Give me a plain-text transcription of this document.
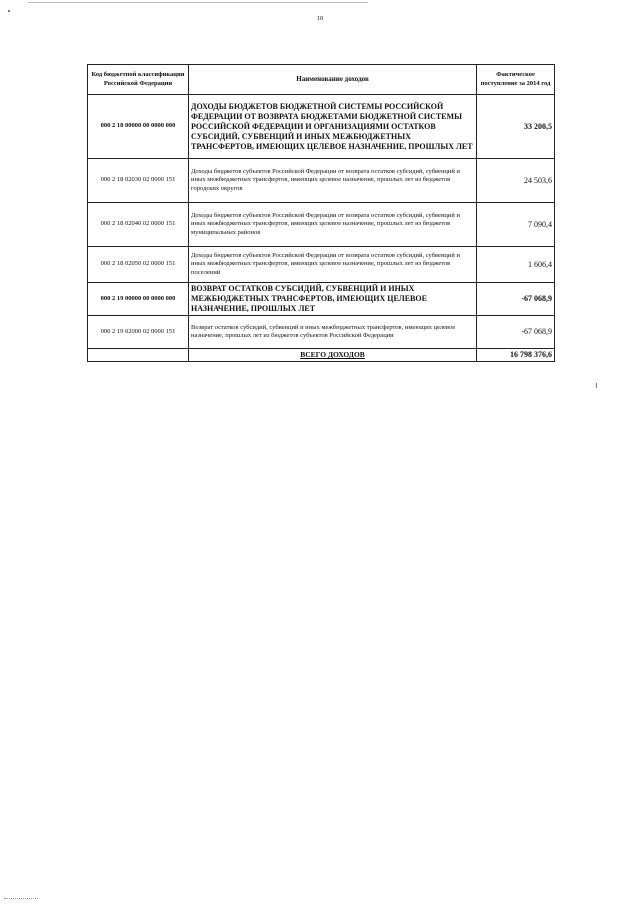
10
Код бюджетной классификации Российской Федерации	Наименование доходов	Фактическое поступление за 2014 год
000 2 18 00000 00 0000 000	ДОХОДЫ БЮДЖЕТОВ БЮДЖЕТНОЙ СИСТЕМЫ РОССИЙСКОЙ ФЕДЕРАЦИИ ОТ ВОЗВРАТА БЮДЖЕТАМИ БЮДЖЕТНОЙ СИСТЕМЫ РОССИЙСКОЙ ФЕДЕРАЦИИ И ОРГАНИЗАЦИЯМИ ОСТАТКОВ СУБСИДИЙ, СУБВЕНЦИЙ И ИНЫХ МЕЖБЮДЖЕТНЫХ ТРАНСФЕРТОВ, ИМЕЮЩИХ ЦЕЛЕВОЕ НАЗНАЧЕНИЕ, ПРОШЛЫХ ЛЕТ	33 200,5
000 2 18 02030 02 0000 151	Доходы бюджетов субъектов Российской Федерации от возврата остатков субсидий, субвенций и иных межбюджетных трансфертов, имеющих целевое назначение, прошлых лет из бюджетов городских округов	24 503,6
000 2 18 02040 02 0000 151	Доходы бюджетов субъектов Российской Федерации от возврата остатков субсидий, субвенций и иных межбюджетных трансфертов, имеющих целевое назначение, прошлых лет из бюджетов муниципальных районов	7 090,4
000 2 18 02050 02 0000 151	Доходы бюджетов субъектов Российской Федерации от возврата остатков субсидий, субвенций и иных межбюджетных трансфертов, имеющих целевое назначение, прошлых лет из бюджетов поселений	1 606,4
000 2 19 00000 00 0000 000	ВОЗВРАТ ОСТАТКОВ СУБСИДИЙ, СУБВЕНЦИЙ И ИНЫХ МЕЖБЮДЖЕТНЫХ ТРАНСФЕРТОВ, ИМЕЮЩИХ ЦЕЛЕВОЕ НАЗНАЧЕНИЕ, ПРОШЛЫХ ЛЕТ	-67 068,9
000 2 19 02000 02 0000 151	Возврат остатков субсидий, субвенций и иных межбюджетных трансфертов, имеющих целевое назначение, прошлых лет из бюджетов субъектов Российской Федерации	-67 068,9
	ВСЕГО ДОХОДОВ	16 798 376,6
